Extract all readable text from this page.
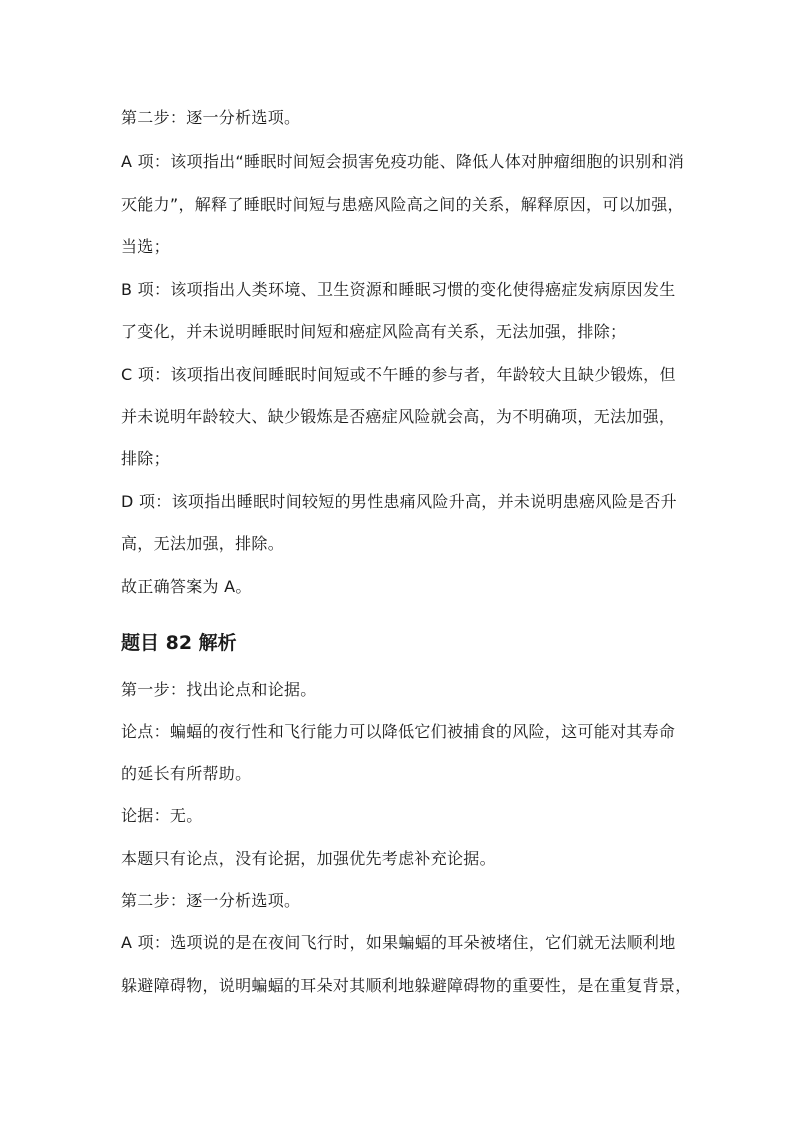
第二步：逐一分析选项。
A 项：该项指出“睡眠时间短会损害免疫功能、降低人体对肿瘤细胞的识别和消
灭能力”，解释了睡眠时间短与患癌风险高之间的关系，解释原因，可以加强，
当选；
B 项：该项指出人类环境、卫生资源和睡眠习惯的变化使得癌症发病原因发生
了变化，并未说明睡眠时间短和癌症风险高有关系，无法加强，排除；
C 项：该项指出夜间睡眠时间短或不午睡的参与者，年龄较大且缺少锻炼，但
并未说明年龄较大、缺少锻炼是否癌症风险就会高，为不明确项，无法加强，
排除；
D 项：该项指出睡眠时间较短的男性患痛风险升高，并未说明患癌风险是否升
高，无法加强，排除。
故正确答案为 A。
题目 82 解析
第一步：找出论点和论据。
论点：蝙蝠的夜行性和飞行能力可以降低它们被捕食的风险，这可能对其寿命
的延长有所帮助。
论据：无。
本题只有论点，没有论据，加强优先考虑补充论据。
第二步：逐一分析选项。
A 项：选项说的是在夜间飞行时，如果蝙蝠的耳朵被堵住，它们就无法顺利地
躲避障碍物，说明蝙蝠的耳朵对其顺利地躲避障碍物的重要性，是在重复背景，
